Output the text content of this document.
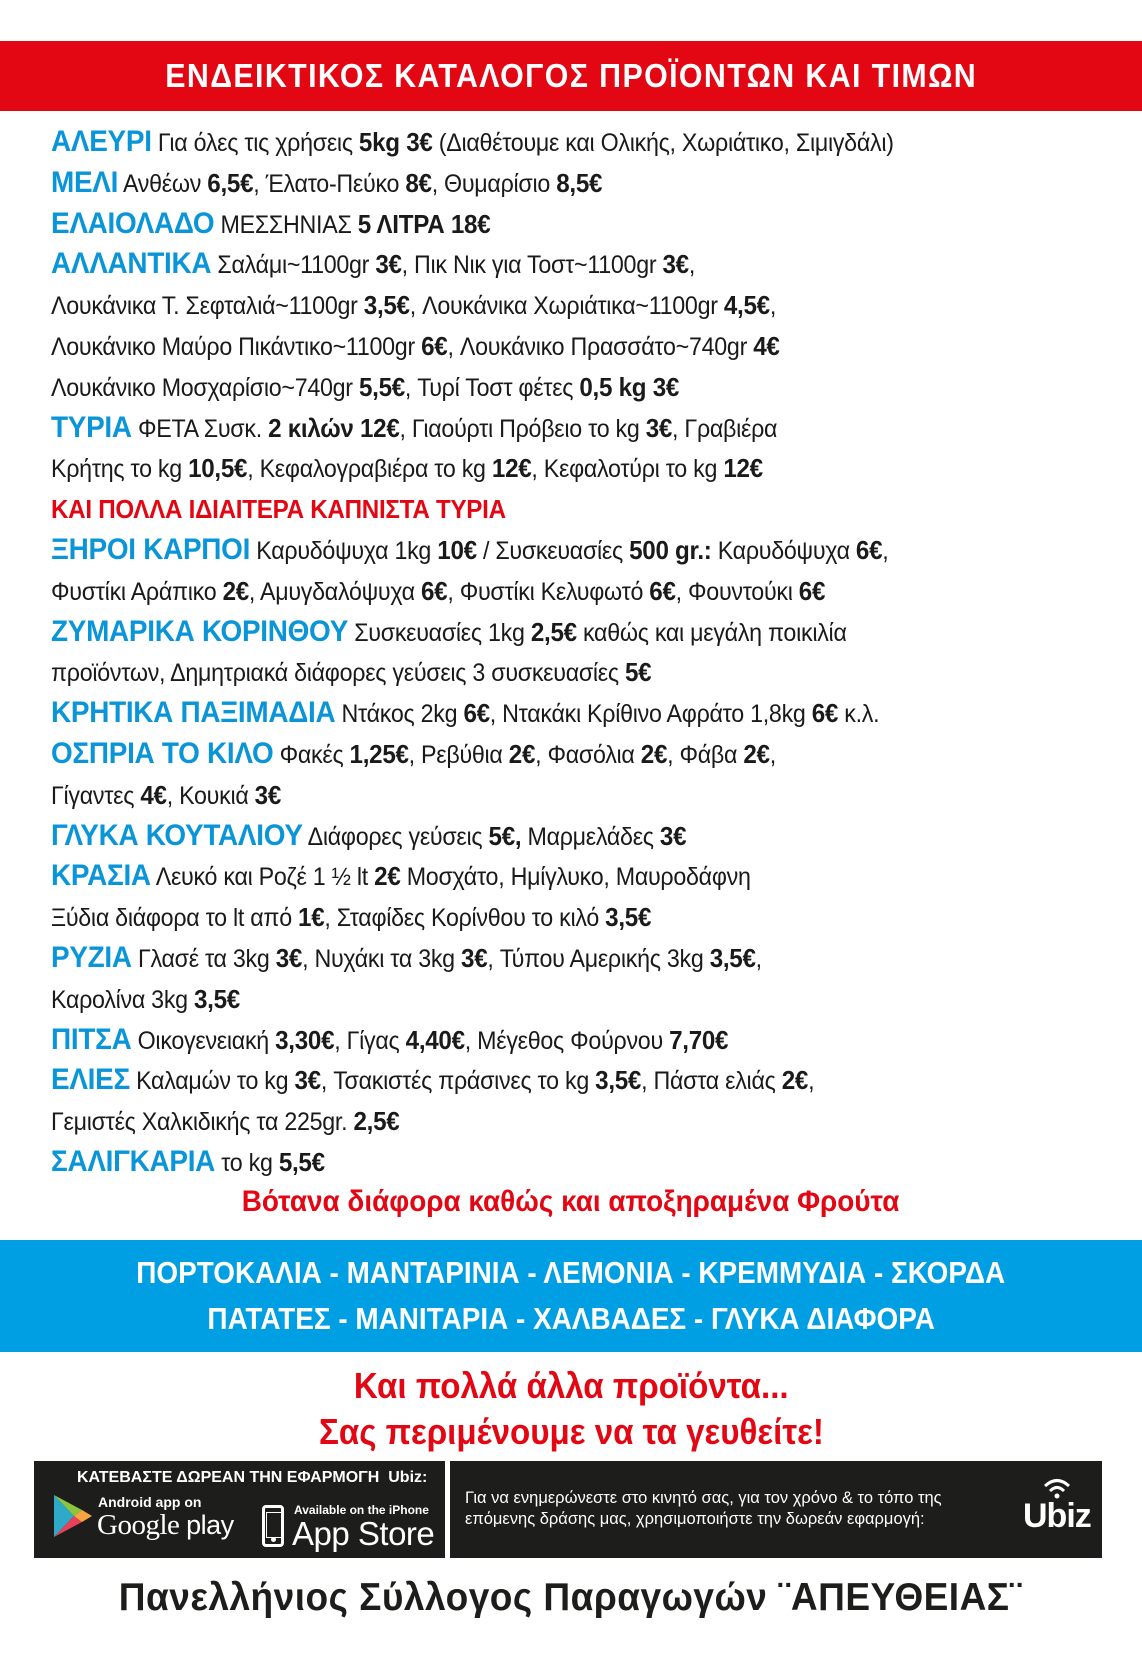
ΕΝΔΕΙΚΤΙΚΟΣ ΚΑΤΑΛΟΓΟΣ ΠΡΟΪΟΝΤΩΝ ΚΑΙ ΤΙΜΩΝ
ΑΛΕΥΡΙ Για όλες τις χρήσεις 5kg 3€ (Διαθέτουμε και Ολικής, Χωριάτικο, Σιμιγδάλι)
ΜΕΛΙ Ανθέων 6,5€, Έλατο-Πεύκο 8€, Θυμαρίσιο 8,5€
ΕΛΑΙΟΛΑΔΟ ΜΕΣΣΗΝΙΑΣ 5 ΛΙΤΡΑ 18€
ΑΛΛΑΝΤΙΚΑ Σαλάμι~1100gr 3€, Πικ Νικ για Τοστ~1100gr 3€,
Λουκάνικα Τ. Σεφταλιά~1100gr 3,5€, Λουκάνικα Χωριάτικα~1100gr 4,5€,
Λουκάνικο Μαύρο Πικάντικο~1100gr 6€, Λουκάνικο Πρασσάτο~740gr 4€
Λουκάνικο Μοσχαρίσιο~740gr 5,5€, Τυρί Τοστ φέτες 0,5 kg 3€
ΤΥΡΙΑ ΦΕΤΑ Συσκ. 2 κιλών 12€, Γιαούρτι Πρόβειο το kg 3€, Γραβιέρα
Κρήτης το kg 10,5€, Κεφαλογραβιέρα το kg 12€, Κεφαλοτύρι το kg 12€
ΚΑΙ ΠΟΛΛΑ ΙΔΙΑΙΤΕΡΑ ΚΑΠΝΙΣΤΑ ΤΥΡΙΑ
ΞΗΡΟΙ ΚΑΡΠΟΙ Καρυδόψυχα 1kg 10€ / Συσκευασίες 500 gr.: Καρυδόψυχα 6€,
Φυστίκι Αράπικο 2€, Αμυγδαλόψυχα 6€, Φυστίκι Κελυφωτό 6€, Φουντούκι 6€
ΖΥΜΑΡΙΚΑ ΚΟΡΙΝΘΟΥ Συσκευασίες 1kg 2,5€ καθώς και μεγάλη ποικιλία
προϊόντων, Δημητριακά διάφορες γεύσεις 3 συσκευασίες 5€
ΚΡΗΤΙΚΑ ΠΑΞΙΜΑΔΙΑ Ντάκος 2kg 6€, Ντακάκι Κρίθινο Αφράτο 1,8kg 6€ κ.λ.
ΟΣΠΡΙΑ ΤΟ ΚΙΛΟ Φακές 1,25€, Ρεβύθια 2€, Φασόλια 2€, Φάβα 2€,
Γίγαντες 4€, Κουκιά 3€
ΓΛΥΚΑ ΚΟΥΤΑΛΙΟΥ Διάφορες γεύσεις 5€, Μαρμελάδες 3€
ΚΡΑΣΙΑ Λευκό και Ροζέ 1 ½ lt 2€ Μοσχάτο, Ημίγλυκο, Μαυροδάφνη
Ξύδια διάφορα το lt από 1€, Σταφίδες Κορίνθου το κιλό 3,5€
ΡΥΖΙΑ Γλασέ τα 3kg 3€, Νυχάκι τα 3kg 3€, Τύπου Αμερικής 3kg 3,5€,
Καρολίνα 3kg 3,5€
ΠΙΤΣΑ Οικογενειακή 3,30€, Γίγας 4,40€, Μέγεθος Φούρνου 7,70€
ΕΛΙΕΣ Καλαμών το kg 3€, Τσακιστές πράσινες το kg 3,5€, Πάστα ελιάς 2€,
Γεμιστές Χαλκιδικής τα 225gr. 2,5€
ΣΑΛΙΓΚΑΡΙΑ το kg 5,5€
Βότανα διάφορα καθώς και αποξηραμένα Φρούτα
ΠΟΡΤΟΚΑΛΙΑ - ΜΑΝΤΑΡΙΝΙΑ - ΛΕΜΟΝΙΑ - ΚΡΕΜΜΥΔΙΑ - ΣΚΟΡΔΑ
ΠΑΤΑΤΕΣ - ΜΑΝΙΤΑΡΙΑ - ΧΑΛΒΑΔΕΣ - ΓΛΥΚΑ ΔΙΑΦΟΡΑ
Και πολλά άλλα προϊόντα...
Σας περιμένουμε να τα γευθείτε!
ΚΑΤΕΒΑΣΤΕ ΔΩΡΕΑΝ ΤΗΝ ΕΦΑΡΜΟΓΗ Ubiz:
Android app on
Google play	Available on the iPhone
App Store
Για να ενημερώνεστε στο κινητό σας, για τον χρόνο & το τόπο της
επόμενης δράσης μας, χρησιμοποιήστε την δωρεάν εφαρμογή:	Ubiz
Πανελλήνιος Σύλλογος Παραγωγών ¨ΑΠΕΥΘΕΙΑΣ¨
